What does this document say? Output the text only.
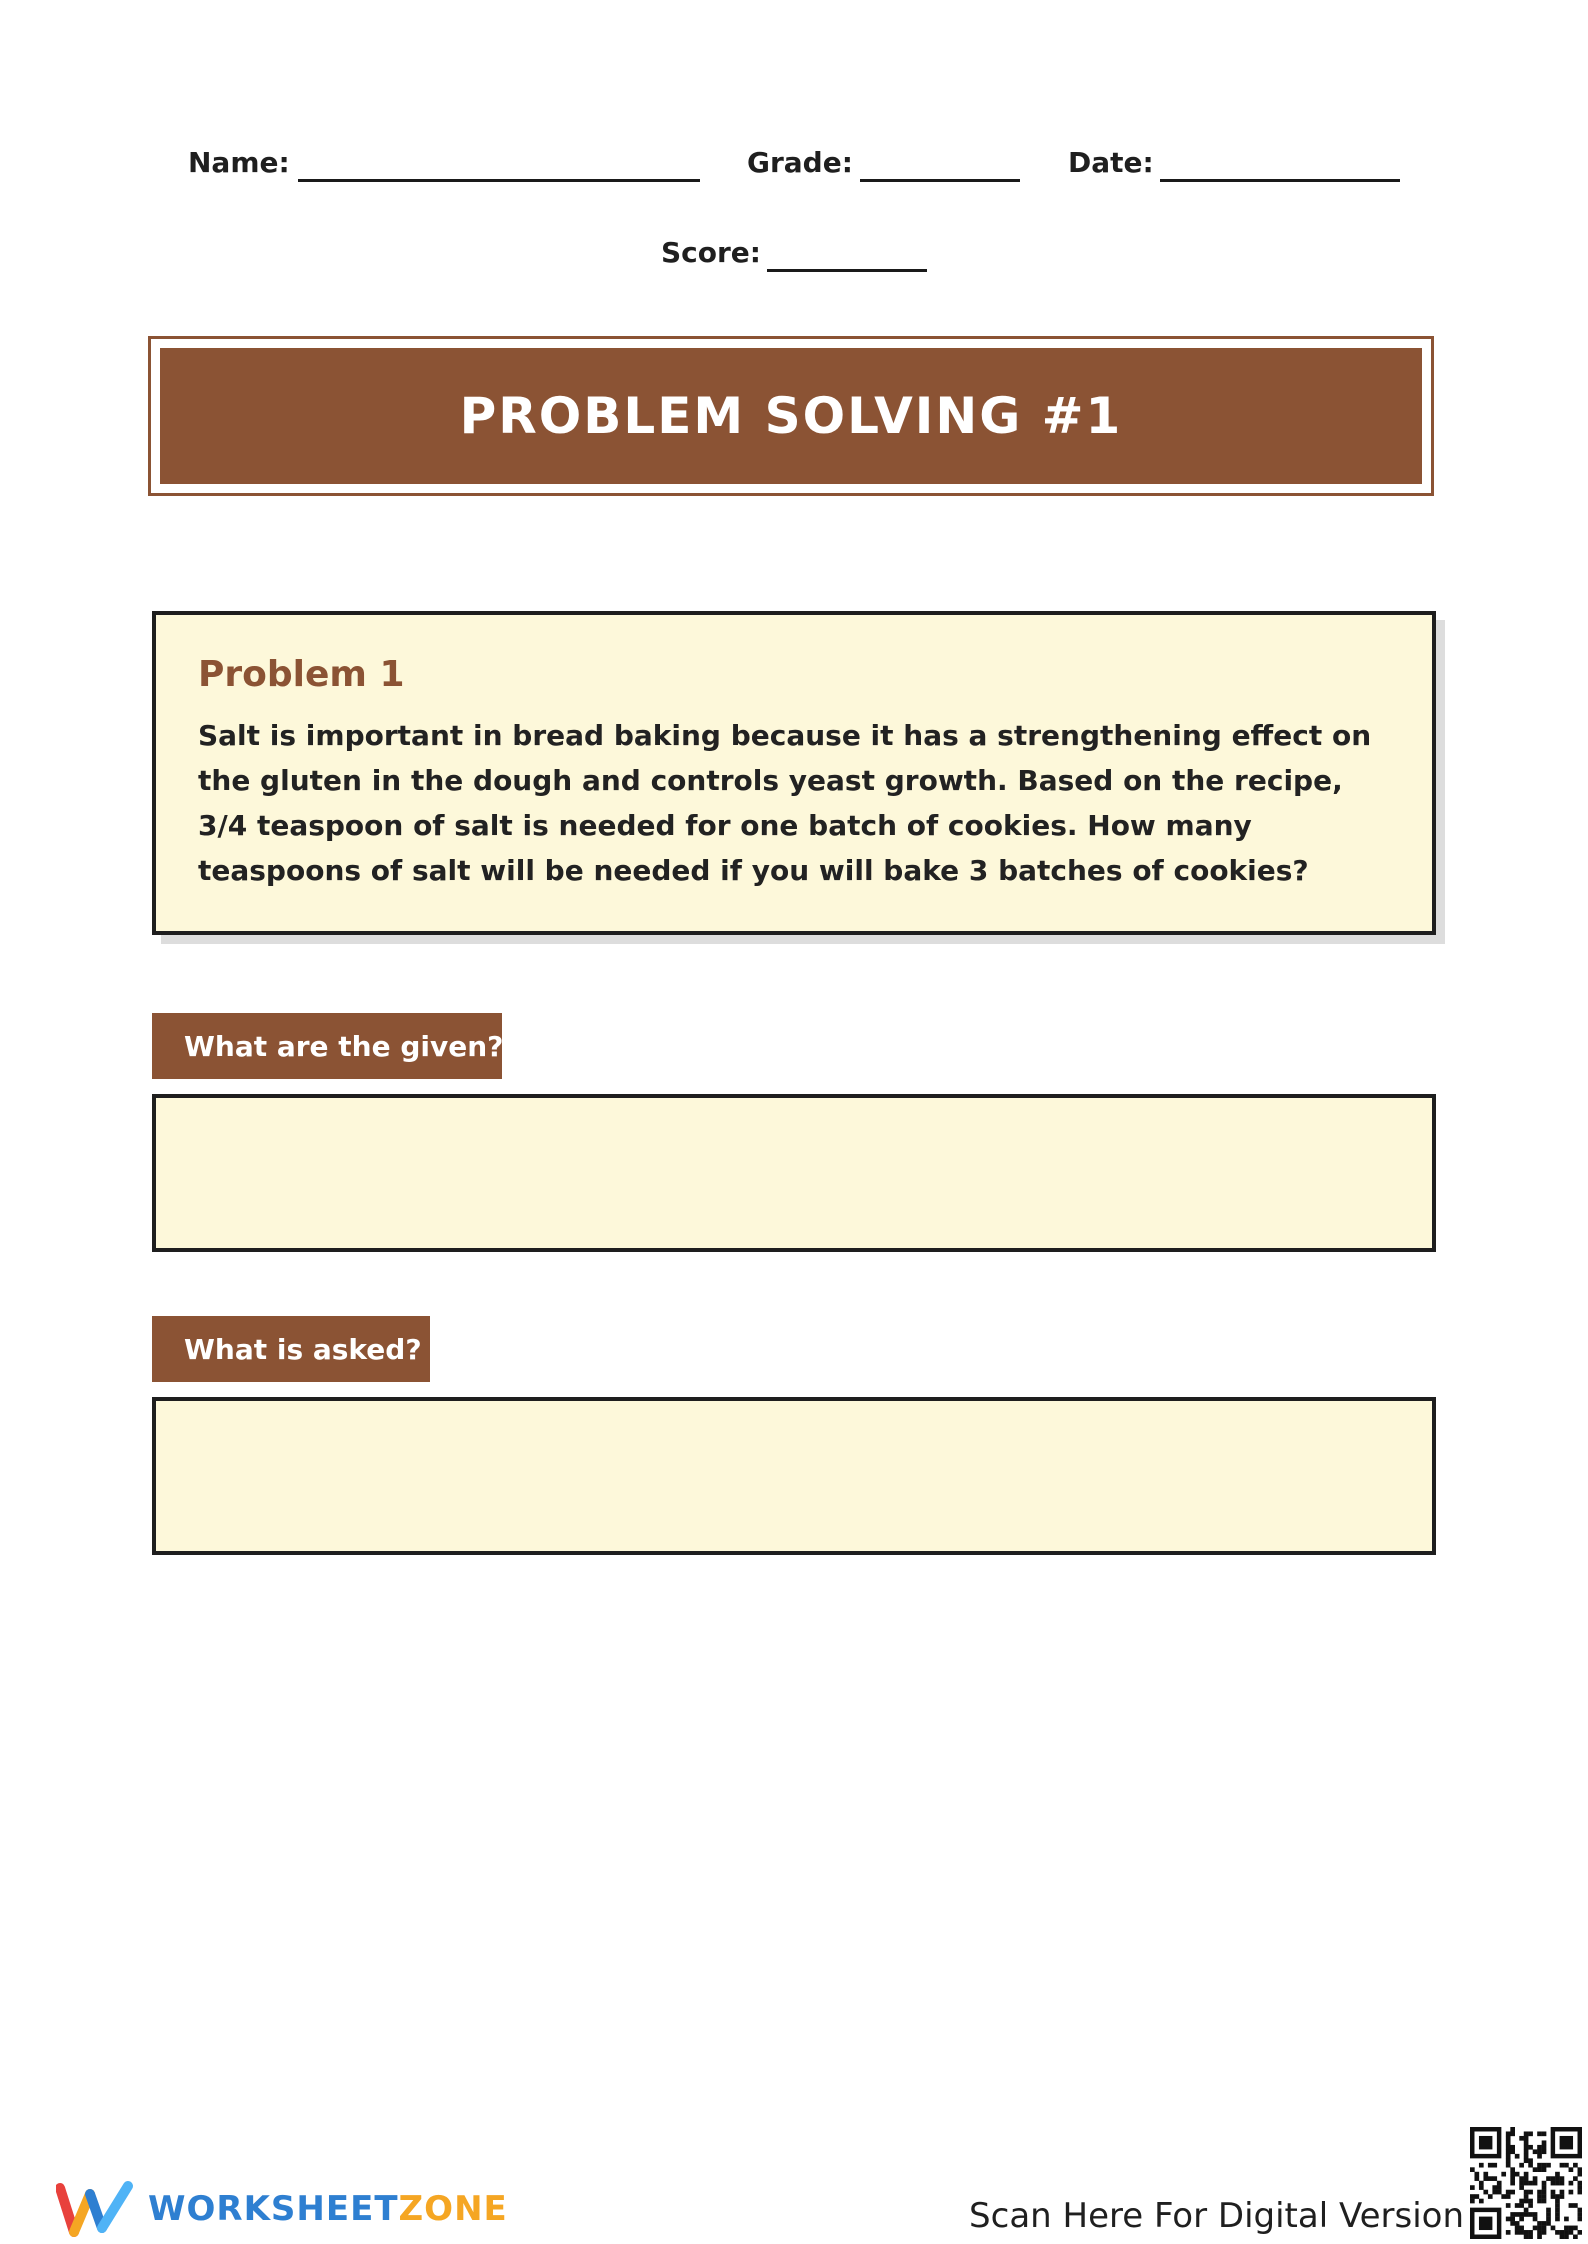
Name:	Grade:	Date:
Score:
PROBLEM SOLVING #1
Problem 1

Salt is important in bread baking because it has a strengthening effect on the gluten in the dough and controls yeast growth. Based on the recipe, 3/4 teaspoon of salt is needed for one batch of cookies. How many teaspoons of salt will be needed if you will bake 3 batches of cookies?

What are the given?
What is asked?
WORKSHEET ZONE	Scan Here For Digital Version
